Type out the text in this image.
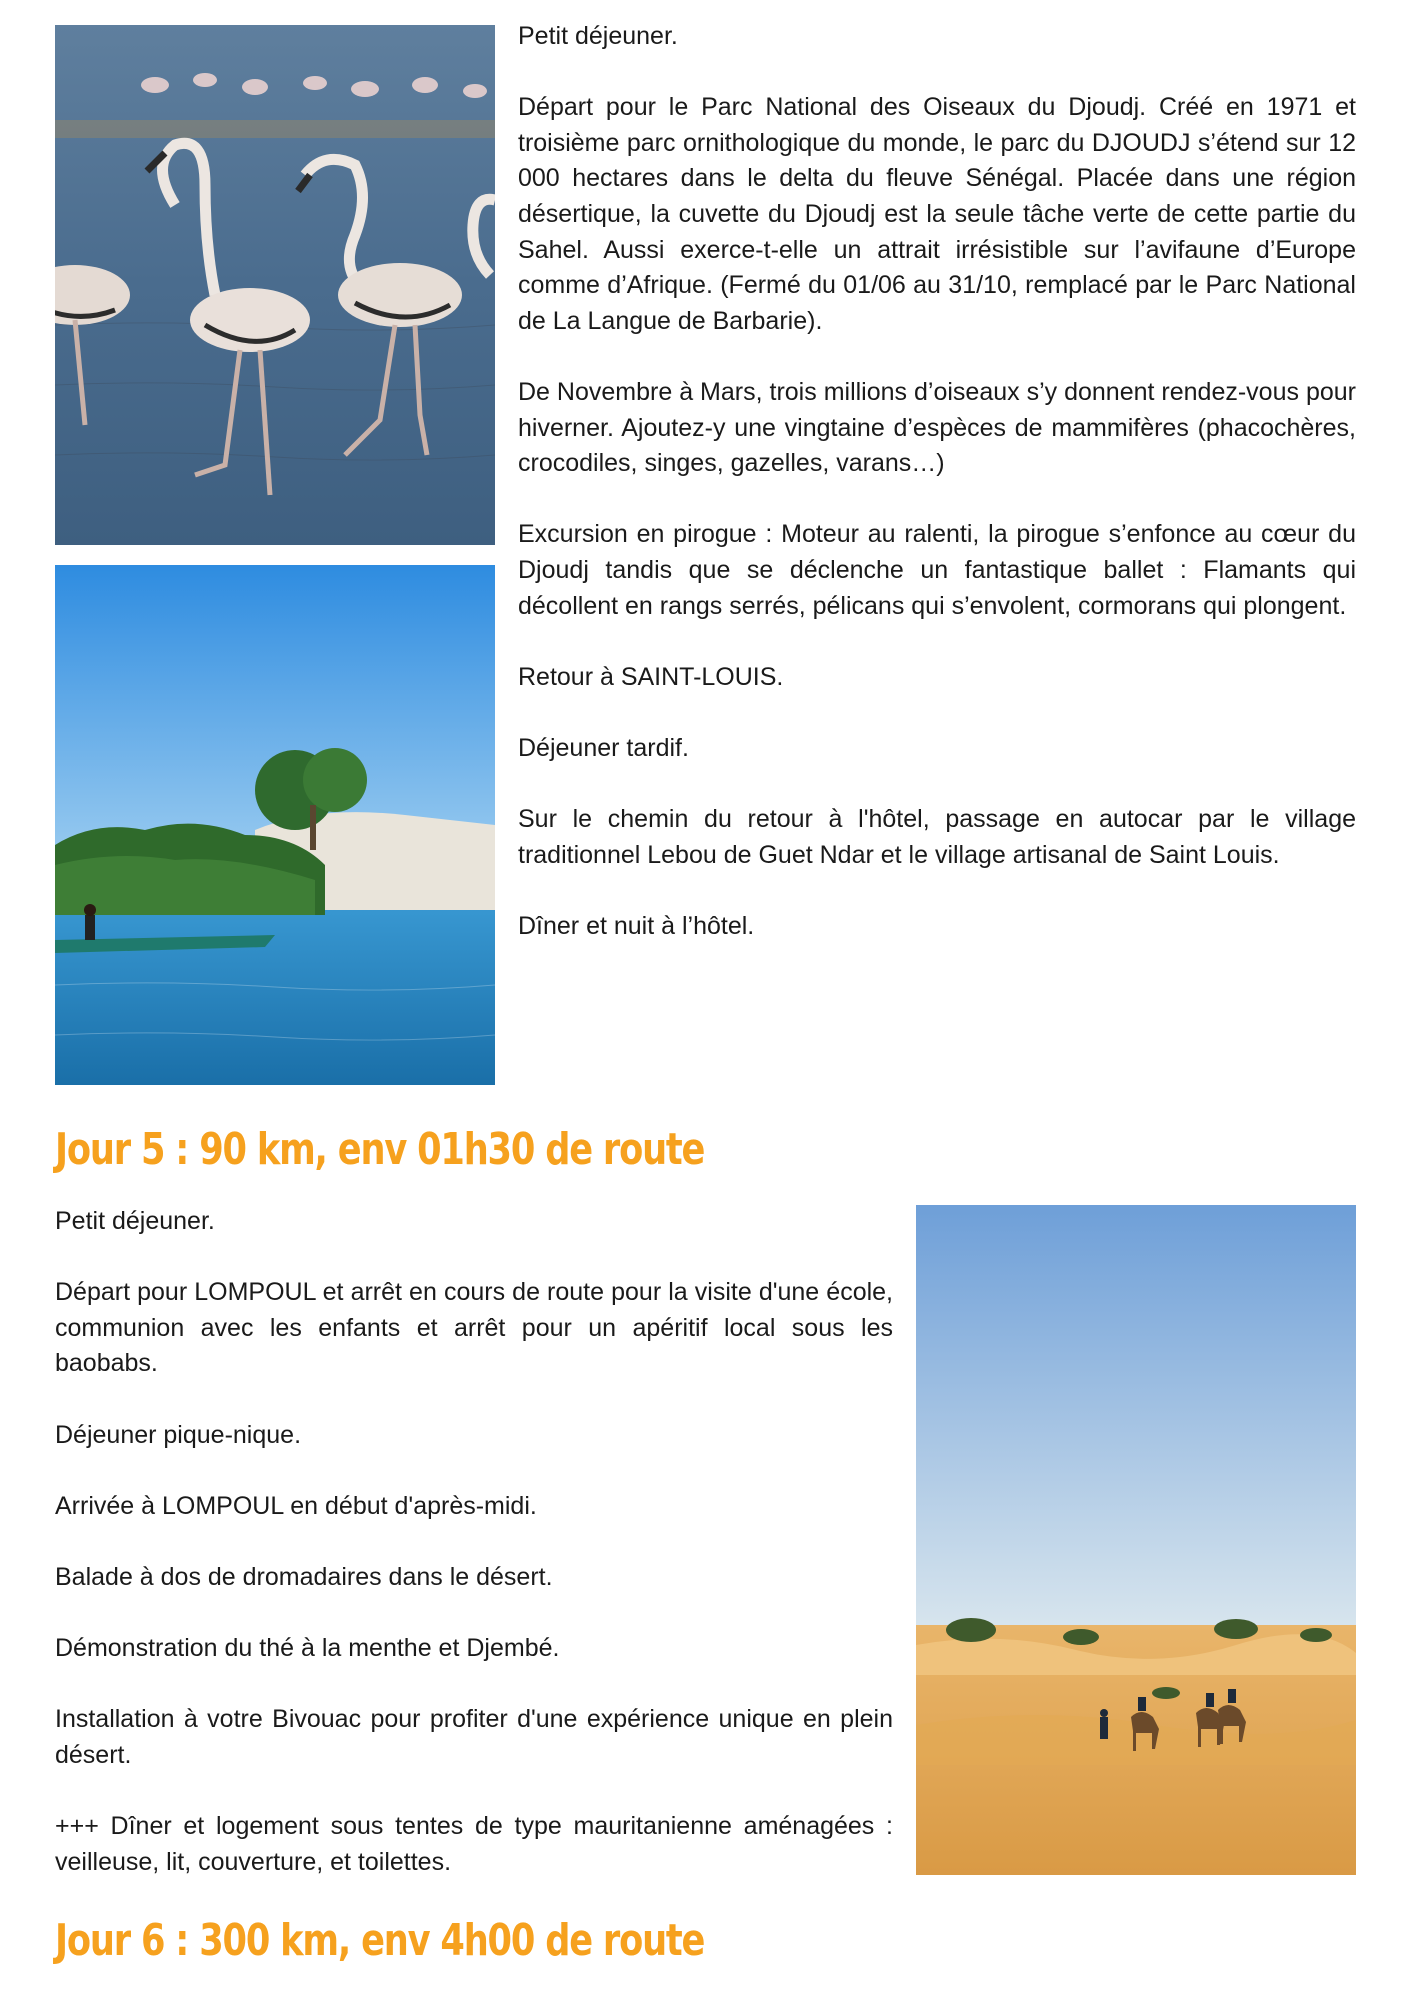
Petit déjeuner.

Départ pour le Parc National des Oiseaux du Djoudj. Créé en 1971 et troisième parc ornithologique du monde, le parc du DJOUDJ s’étend sur 12 000 hectares dans le delta du fleuve Sénégal. Placée dans une région désertique, la cuvette du Djoudj est la seule tâche verte de cette partie du Sahel. Aussi exerce-t-elle un attrait irrésistible sur l’avifaune d’Europe comme d’Afrique. (Fermé du 01/06 au 31/10, remplacé par le Parc National de La Langue de Barbarie).

De Novembre à Mars, trois millions d’oiseaux s’y donnent rendez-vous pour hiverner. Ajoutez-y une vingtaine d’espèces de mammifères (phacochères, crocodiles, singes, gazelles, varans…)

Excursion en pirogue : Moteur au ralenti, la pirogue s’enfonce au cœur du Djoudj tandis que se déclenche un fantastique ballet : Flamants qui décollent en rangs serrés, pélicans qui s’envolent, cormorans qui plongent.

Retour à SAINT-LOUIS.

Déjeuner tardif.

Sur le chemin du retour à l'hôtel, passage en autocar par le village traditionnel Lebou de Guet Ndar et le village artisanal de Saint Louis.

Dîner et nuit à l’hôtel.

Jour 5 : 90 km, env 01h30 de route

Petit déjeuner.

Départ pour LOMPOUL et arrêt en cours de route pour la visite d'une école, communion avec les enfants et arrêt pour un apéritif local sous les baobabs.

Déjeuner pique-nique.

Arrivée à LOMPOUL en début d'après-midi.

Balade à dos de dromadaires dans le désert.

Démonstration du thé à la menthe et Djembé.

Installation à votre Bivouac pour profiter d'une expérience unique en plein désert.

+++ Dîner et logement sous tentes de type mauritanienne aménagées : veilleuse, lit, couverture, et toilettes.

Jour 6 : 300 km, env 4h00 de route
